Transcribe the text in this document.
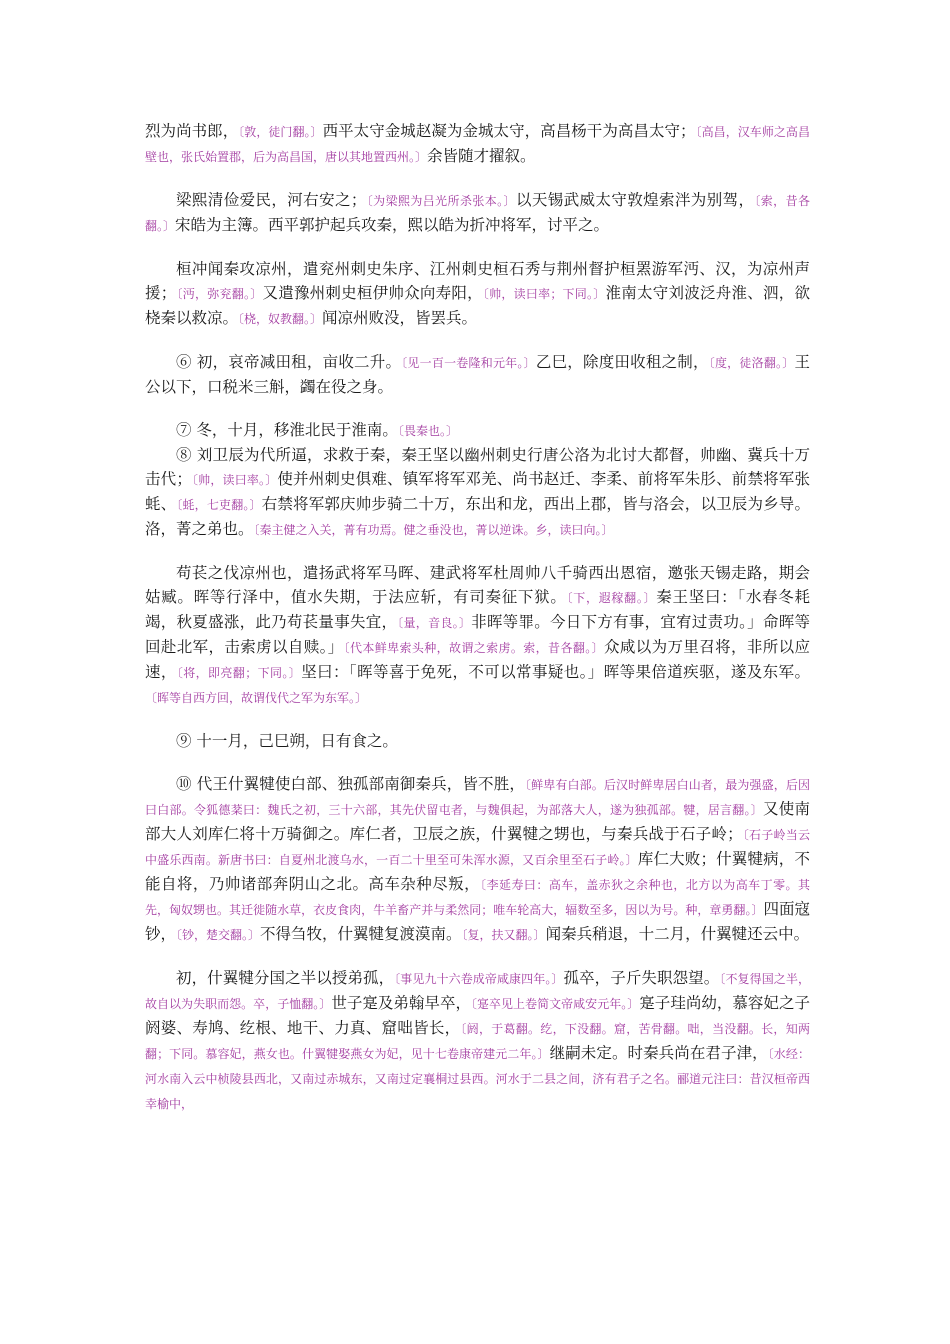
烈为尚书郎，〔敦，徒门翻。〕西平太守金城赵凝为金城太守，高昌杨干为高昌太守；〔高昌，汉车师之高昌壁也，张氏始置郡，后为高昌国，唐以其地置西州。〕余皆随才擢叙。

梁熙清俭爱民，河右安之；〔为梁熙为吕光所杀张本。〕以天锡武威太守敦煌索泮为别驾，〔索，昔各翻。〕宋皓为主簿。西平郭护起兵攻秦，熙以皓为折冲将军，讨平之。

桓冲闻秦攻凉州，遣兖州刺史朱序、江州刺史桓石秀与荆州督护桓罴游军沔、汉，为凉州声援；〔沔，弥兖翻。〕又遣豫州刺史桓伊帅众向寿阳，〔帅，读曰率；下同。〕淮南太守刘波泛舟淮、泗，欲桡秦以救凉。〔桡，奴教翻。〕闻凉州败没，皆罢兵。

⑥ 初，哀帝减田租，亩收二升。〔见一百一卷隆和元年。〕乙巳，除度田收租之制，〔度，徒洛翻。〕王公以下，口税米三斛，蠲在役之身。

⑦ 冬，十月，移淮北民于淮南。〔畏秦也。〕

⑧ 刘卫辰为代所逼，求救于秦，秦王坚以幽州刺史行唐公洛为北讨大都督，帅幽、冀兵十万击代；〔帅，读曰率。〕使并州刺史俱难、镇军将军邓羌、尚书赵迁、李柔、前将军朱肜、前禁将军张蚝、〔蚝，七吏翻。〕右禁将军郭庆帅步骑二十万，东出和龙，西出上郡，皆与洛会，以卫辰为乡导。洛，菁之弟也。〔秦主健之入关，菁有功焉。健之垂没也，菁以逆诛。乡，读曰向。〕

苟苌之伐凉州也，遣扬武将军马晖、建武将军杜周帅八千骑西出恩宿，邀张天锡走路，期会姑臧。晖等行泽中，值水失期，于法应斩，有司奏征下狱。〔下，遐稼翻。〕秦王坚曰：「水春冬耗竭，秋夏盛涨，此乃苟苌量事失宜，〔量，音良。〕非晖等罪。今日下方有事，宜宥过责功。」命晖等回赴北军，击索虏以自赎。」〔代本鲜卑索头种，故谓之索虏。索，昔各翻。〕众咸以为万里召将，非所以应速，〔将，即亮翻；下同。〕坚曰：「晖等喜于免死，不可以常事疑也。」晖等果倍道疾驱，遂及东军。〔晖等自西方回，故谓伐代之军为东军。〕

⑨ 十一月，己巳朔，日有食之。

⑩ 代王什翼犍使白部、独孤部南御秦兵，皆不胜，〔鲜卑有白部。后汉时鲜卑居白山者，最为强盛，后因曰白部。令狐德棻曰：魏氏之初，三十六部，其先伏留屯者，与魏俱起，为部落大人，遂为独孤部。犍，居言翻。〕又使南部大人刘库仁将十万骑御之。库仁者，卫辰之族，什翼犍之甥也，与秦兵战于石子岭；〔石子岭当云中盛乐西南。新唐书曰：自夏州北渡乌水，一百二十里至可朱浑水源，又百余里至石子岭。〕库仁大败；什翼犍病，不能自将，乃帅诸部奔阴山之北。高车杂种尽叛，〔李延寿曰：高车，盖赤狄之余种也，北方以为高车丁零。其先，匈奴甥也。其迁徙随水草，衣皮食肉，牛羊畜产并与柔然同；唯车轮高大，辐数至多，因以为号。种，章勇翻。〕四面寇钞，〔钞，楚交翻。〕不得刍牧，什翼犍复渡漠南。〔复，扶又翻。〕闻秦兵稍退，十二月，什翼犍还云中。

初，什翼犍分国之半以授弟孤，〔事见九十六卷成帝咸康四年。〕孤卒，子斤失职怨望。〔不复得国之半，故自以为失职而怨。卒，子恤翻。〕世子寔及弟翰早卒，〔寔卒见上卷简文帝咸安元年。〕寔子珪尚幼，慕容妃之子阏婆、寿鸠、纥根、地干、力真、窟咄皆长，〔阏，于葛翻。纥，下没翻。窟，苦骨翻。咄，当没翻。长，知两翻；下同。慕容妃，燕女也。什翼犍娶燕女为妃，见十七卷康帝建元二年。〕继嗣未定。时秦兵尚在君子津，〔水经：河水南入云中桢陵县西北，又南过赤城东，又南过定襄桐过县西。河水于二县之间，济有君子之名。郦道元注曰：昔汉桓帝西幸榆中，
